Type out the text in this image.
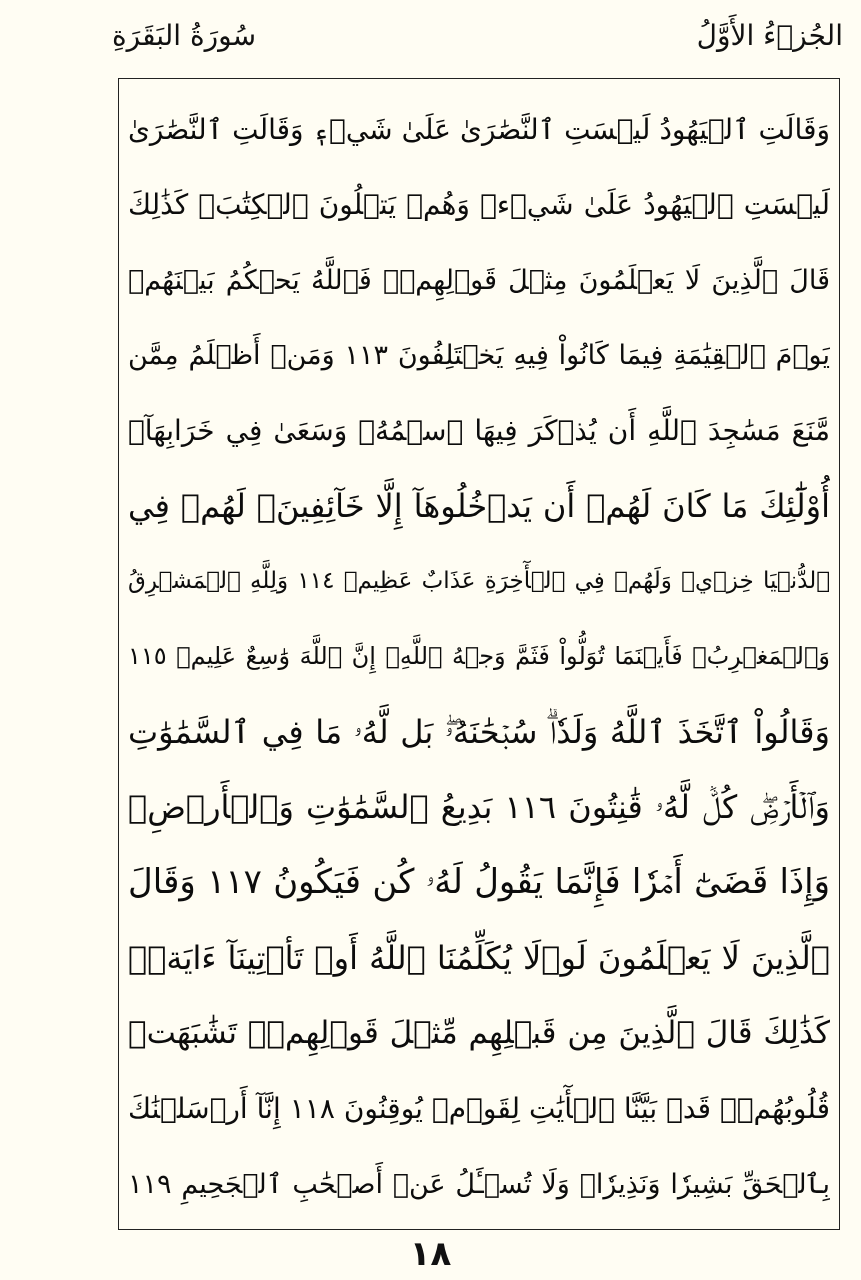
سُورَةُ البَقَرَةِ	الجُزۡءُ الأَوَّلُ
وَقَالَتِ ٱلۡيَهُودُ لَيۡسَتِ ٱلنَّصَٰرَىٰ عَلَىٰ شَيۡءٖ وَقَالَتِ ٱلنَّصَٰرَىٰ
لَيۡسَتِ ٱلۡيَهُودُ عَلَىٰ شَيۡءٖ وَهُمۡ يَتۡلُونَ ٱلۡكِتَٰبَۗ كَذَٰلِكَ
قَالَ ٱلَّذِينَ لَا يَعۡلَمُونَ مِثۡلَ قَوۡلِهِمۡۚ فَٱللَّهُ يَحۡكُمُ بَيۡنَهُمۡ
يَوۡمَ ٱلۡقِيَٰمَةِ فِيمَا كَانُواْ فِيهِ يَخۡتَلِفُونَ ١١٣ وَمَنۡ أَظۡلَمُ مِمَّن
مَّنَعَ مَسَٰجِدَ ٱللَّهِ أَن يُذۡكَرَ فِيهَا ٱسۡمُهُۥ وَسَعَىٰ فِي خَرَابِهَآۚ
أُوْلَٰٓئِكَ مَا كَانَ لَهُمۡ أَن يَدۡخُلُوهَآ إِلَّا خَآئِفِينَۚ لَهُمۡ فِي
ٱلدُّنۡيَا خِزۡيٞ وَلَهُمۡ فِي ٱلۡأٓخِرَةِ عَذَابٌ عَظِيمٞ ١١٤ وَلِلَّهِ ٱلۡمَشۡرِقُ
وَٱلۡمَغۡرِبُۚ فَأَيۡنَمَا تُوَلُّواْ فَثَمَّ وَجۡهُ ٱللَّهِۚ إِنَّ ٱللَّهَ وَٰسِعٌ عَلِيمٞ ١١٥
وَقَالُواْ ٱتَّخَذَ ٱللَّهُ وَلَدٗاۗ سُبۡحَٰنَهُۥۖ بَل لَّهُۥ مَا فِي ٱلسَّمَٰوَٰتِ
وَٱلۡأَرۡضِۖ كُلّٞ لَّهُۥ قَٰنِتُونَ ١١٦ بَدِيعُ ٱلسَّمَٰوَٰتِ وَٱلۡأَرۡضِۖ
وَإِذَا قَضَىٰٓ أَمۡرٗا فَإِنَّمَا يَقُولُ لَهُۥ كُن فَيَكُونُ ١١٧ وَقَالَ
ٱلَّذِينَ لَا يَعۡلَمُونَ لَوۡلَا يُكَلِّمُنَا ٱللَّهُ أَوۡ تَأۡتِينَآ ءَايَةٞۗ
كَذَٰلِكَ قَالَ ٱلَّذِينَ مِن قَبۡلِهِم مِّثۡلَ قَوۡلِهِمۡۘ تَشَٰبَهَتۡ
قُلُوبُهُمۡۗ قَدۡ بَيَّنَّا ٱلۡأٓيَٰتِ لِقَوۡمٖ يُوقِنُونَ ١١٨ إِنَّآ أَرۡسَلۡنَٰكَ
بِٱلۡحَقِّ بَشِيرٗا وَنَذِيرٗاۖ وَلَا تُسۡـَٔلُ عَنۡ أَصۡحَٰبِ ٱلۡجَحِيمِ ١١٩
١٨
